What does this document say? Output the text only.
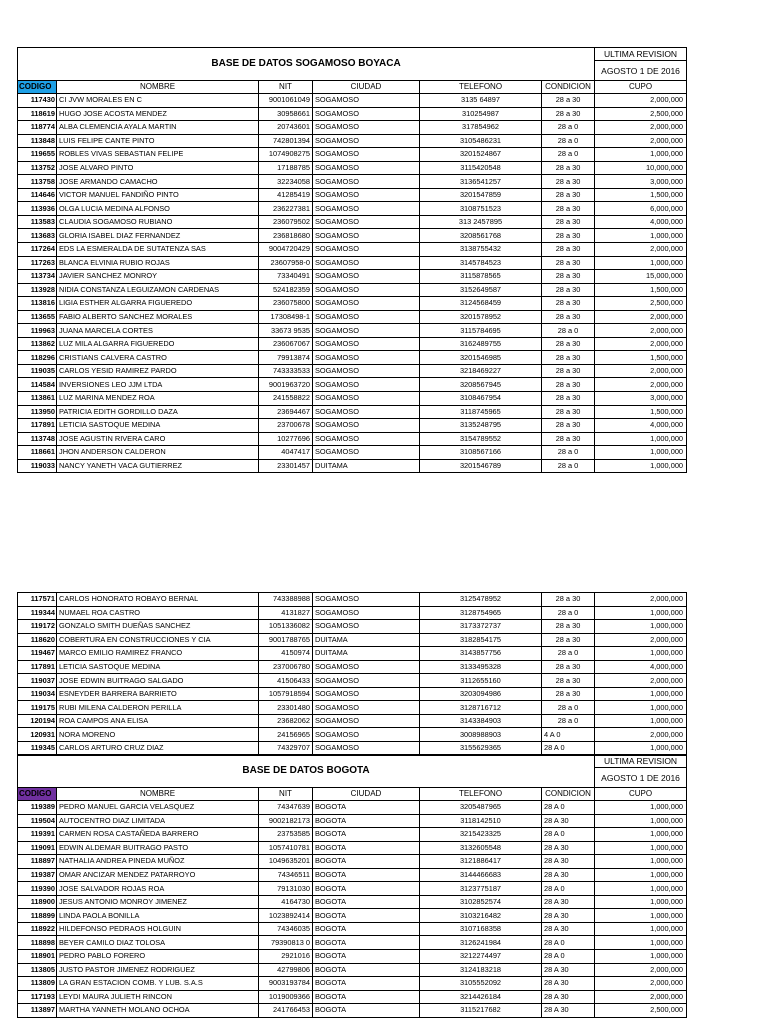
BASE DE DATOS SOGAMOSO BOYACA						ULTIMA REVISION
						AGOSTO 1 DE 2016
CODIGO	NOMBRE	NIT	CIUDAD	TELEFONO	CONDICION	CUPO
117430	CI JVW MORALES EN C	9001061049	SOGAMOSO	3135 64897	28 a 30	2,000,000
118619	HUGO JOSE ACOSTA MENDEZ	30958661	SOGAMOSO	310254987	28 a 30	2,500,000
118774	ALBA CLEMENCIA AYALA MARTIN	20743601	SOGAMOSO	317854962	28 a 0	2,000,000
113848	LUIS FELIPE CANTE PINTO	742801394	SOGAMOSO	3105486231	28 a 0	2,000,000
119655	ROBLES VIVAS SEBASTIAN FELIPE	1074908275	SOGAMOSO	3201524867	28 a 0	1,000,000
113752	JOSE ALVARO PINTO	17188785	SOGAMOSO	3115420548	28 a 30	10,000,000
113758	JOSE ARMANDO CAMACHO	32234058	SOGAMOSO	3136541257	28 a 30	3,000,000
114646	VICTOR MANUEL FANDIÑO PINTO	41285419	SOGAMOSO	3201547859	28 a 30	1,500,000
113936	OLGA LUCIA MEDINA ALFONSO	236227381	SOGAMOSO	3108751523	28 a 30	6,000,000
113583	CLAUDIA SOGAMOSO RUBIANO	236079502	SOGAMOSO	313 2457895	28 a 30	4,000,000
113683	GLORIA ISABEL DIAZ FERNANDEZ	236818680	SOGAMOSO	3208561768	28 a 30	1,000,000
117264	EDS LA ESMERALDA DE SUTATENZA SAS	9004720429	SOGAMOSO	3138755432	28 a 30	2,000,000
117263	BLANCA ELVINIA RUBIO ROJAS	23607958-0	SOGAMOSO	3145784523	28 a 30	1,000,000
113734	JAVIER SANCHEZ MONROY	73340491	SOGAMOSO	3115878565	28 a 30	15,000,000
113928	NIDIA CONSTANZA LEGUIZAMON CARDENAS	524182359	SOGAMOSO	3152649587	28 a 30	1,500,000
113816	LIGIA ESTHER ALGARRA FIGUEREDO	236075800	SOGAMOSO	3124568459	28 a 30	2,500,000
113655	FABIO ALBERTO SANCHEZ MORALES	17308498-1	SOGAMOSO	3201578952	28 a 30	2,000,000
119963	JUANA MARCELA CORTES	33673 9535	SOGAMOSO	3115784695	28 a 0	2,000,000
113862	LUZ MILA ALGARRA FIGUEREDO	236067067	SOGAMOSO	3162489755	28 a 30	2,000,000
118296	CRISTIANS CALVERA CASTRO	79913874	SOGAMOSO	3201546985	28 a 30	1,500,000
119035	CARLOS YESID RAMIREZ PARDO	743333533	SOGAMOSO	3218469227	28 a 30	2,000,000
114584	INVERSIONES LEO JJM LTDA	9001963720	SOGAMOSO	3208567945	28 a 30	2,000,000
113861	LUZ MARINA MENDEZ ROA	241558822	SOGAMOSO	3108467954	28 a 30	3,000,000
113950	PATRICIA EDITH GORDILLO DAZA	23694467	SOGAMOSO	3118745965	28 a 30	1,500,000
117891	LETICIA SASTOQUE MEDINA	23700678	SOGAMOSO	3135248795	28 a 30	4,000,000
113748	JOSE AGUSTIN RIVERA CARO	10277696	SOGAMOSO	3154789552	28 a 30	1,000,000
118661	JHON ANDERSON CALDERON	4047417	SOGAMOSO	3108567166	28 a 0	1,000,000
119033	NANCY YANETH VACA GUTIERREZ	23301457	DUITAMA	3201546789	28 a 0	1,000,000
117571	CARLOS HONORATO ROBAYO BERNAL	743388988	SOGAMOSO	3125478952	28 a 30	2,000,000
119344	NUMAEL ROA CASTRO	4131827	SOGAMOSO	3128754965	28 a 0	1,000,000
119172	GONZALO SMITH DUEÑAS SANCHEZ	1051336082	SOGAMOSO	3173372737	28 a 30	1,000,000
118620	COBERTURA EN CONSTRUCCIONES Y CIA	9001788765	DUITAMA	3182854175	28 a 30	2,000,000
119467	MARCO EMILIO RAMIREZ FRANCO	4150974	DUITAMA	3143857756	28 a 0	1,000,000
117891	LETICIA SASTOQUE MEDINA	237006780	SOGAMOSO	3133495328	28 a 30	4,000,000
119037	JOSE EDWIN BUITRAGO SALGADO	41506433	SOGAMOSO	3112655160	28 a 30	2,000,000
119034	ESNEYDER BARRERA BARRIETO	1057918594	SOGAMOSO	3203094986	28 a 30	1,000,000
119175	RUBI MILENA CALDERON PERILLA	23301480	SOGAMOSO	3128716712	28 a 0	1,000,000
120194	ROA CAMPOS ANA ELISA	23682062	SOGAMOSO	3143384903	28 a 0	1,000,000
120931	NORA MORENO	24156965	SOGAMOSO	3008988903	4 A 0	2,000,000
119345	CARLOS ARTURO CRUZ DIAZ	74329707	SOGAMOSO	3155629365	28 A 0	1,000,000
BASE DE DATOS BOGOTA						ULTIMA REVISION
						AGOSTO 1 DE 2016
CODIGO	NOMBRE	NIT	CIUDAD	TELEFONO	CONDICION	CUPO
119389	PEDRO MANUEL GARCIA VELASQUEZ	74347639	BOGOTA	3205487965	28 A 0	1,000,000
119504	AUTOCENTRO DIAZ LIMITADA	9002182173	BOGOTA	3118142510	28 A 30	1,000,000
119391	CARMEN ROSA CASTAÑEDA BARRERO	23753585	BOGOTA	3215423325	28 A 0	1,000,000
119091	EDWIN ALDEMAR BUITRAGO PASTO	1057410781	BOGOTA	3132605548	28 A 30	1,000,000
118897	NATHALIA ANDREA PINEDA MUÑOZ	1049635201	BOGOTA	3121886417	28 A 30	1,000,000
119387	OMAR ANCIZAR MENDEZ PATARROYO	74346511	BOGOTA	3144466683	28 A 30	1,000,000
119390	JOSE SALVADOR ROJAS ROA	79131030	BOGOTA	3123775187	28 A 0	1,000,000
118900	JESUS ANTONIO MONROY JIMENEZ	4164730	BOGOTA	3102852574	28 A 30	1,000,000
118899	LINDA PAOLA BONILLA	1023892414	BOGOTA	3103216482	28 A 30	1,000,000
118922	HILDEFONSO PEDRAOS HOLGUIN	74346035	BOGOTA	3107168358	28 A 30	1,000,000
118898	BEYER CAMILO DIAZ TOLOSA	79390813 0	BOGOTA	3126241984	28 A 0	1,000,000
118901	PEDRO PABLO FORERO	2921016	BOGOTA	3212274497	28 A 0	1,000,000
113805	JUSTO PASTOR JIMENEZ RODRIGUEZ	42799806	BOGOTA	3124183218	28 A 30	2,000,000
113809	LA GRAN ESTACION COMB. Y LUB. S.A.S	9003193784	BOGOTA	3105552092	28 A 30	2,000,000
117193	LEYDI MAURA JULIETH RINCON	1019009366	BOGOTA	3214426184	28 A 30	2,000,000
113897	MARTHA YANNETH MOLANO OCHOA	241766453	BOGOTA	3115217682	28 A 30	2,500,000
